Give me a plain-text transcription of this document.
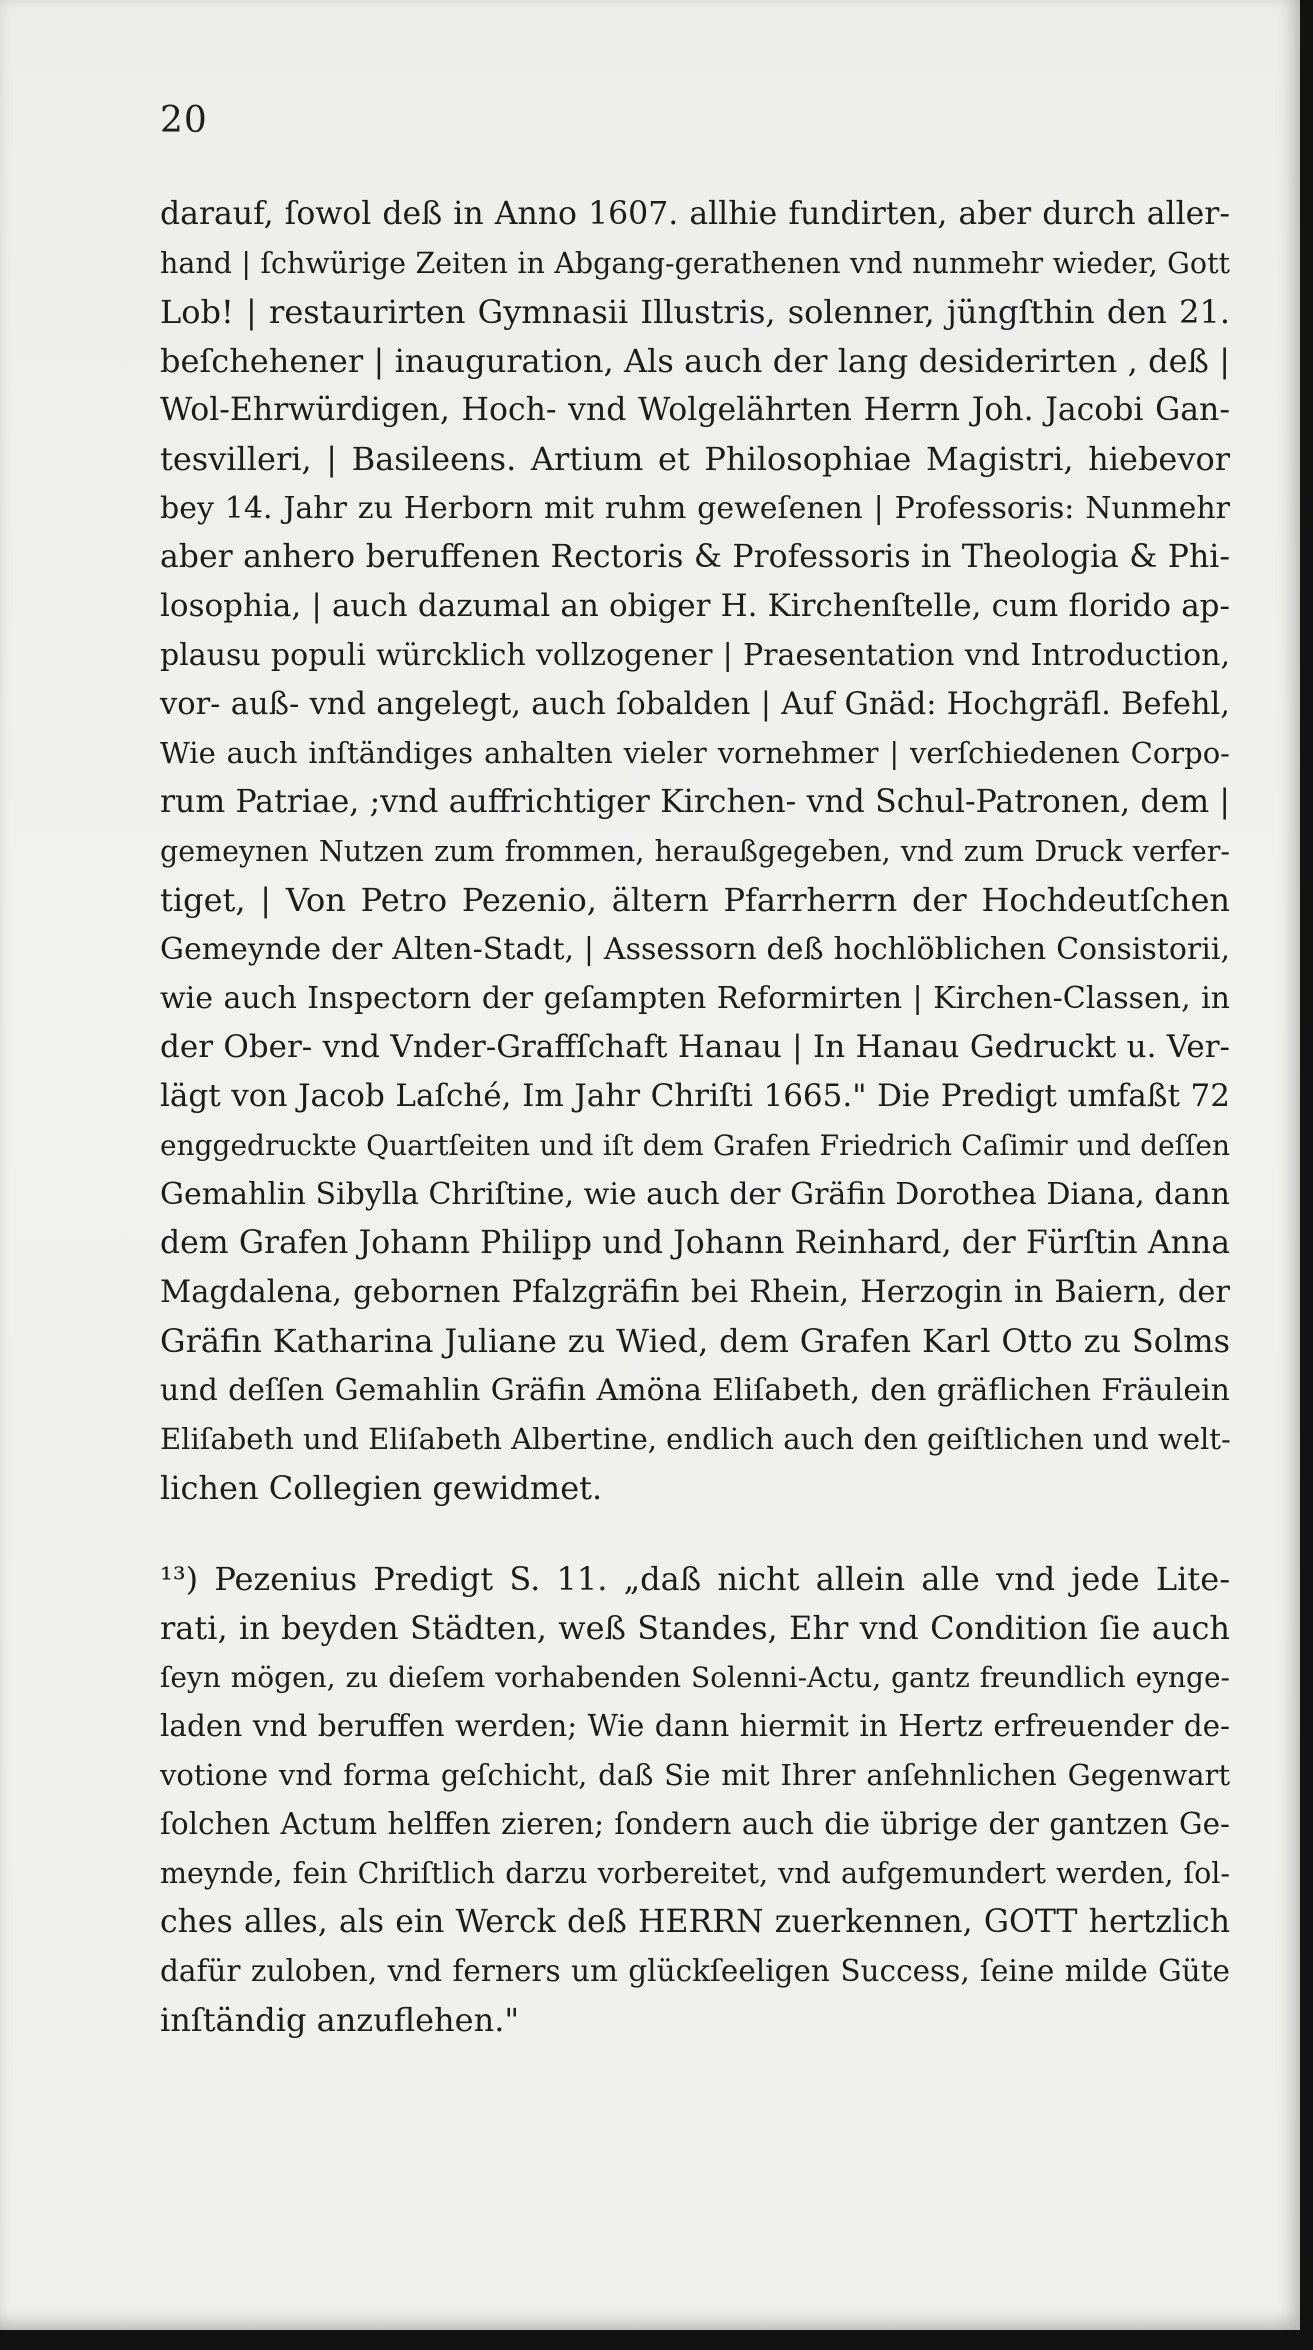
20
darauf, ſowol deß in Anno 1607. allhie fundirten, aber durch aller-
hand | ſchwürige Zeiten in Abgang-gerathenen vnd nunmehr wieder, Gott
Lob! | restaurirten Gymnasii Illustris, solenner, jüngſthin den 21.
beſchehener | inauguration, Als auch der lang desiderirten , deß |
Wol-Ehrwürdigen, Hoch- vnd Wolgelährten Herrn Joh. Jacobi Gan-
tesvilleri, | Basileens. Artium et Philosophiae Magistri, hiebevor
bey 14. Jahr zu Herborn mit ruhm geweſenen | Professoris: Nunmehr
aber anhero beruffenen Rectoris & Professoris in Theologia & Phi-
losophia, | auch dazumal an obiger H. Kirchenſtelle, cum florido ap-
plausu populi würcklich vollzogener | Praesentation vnd Introduction,
vor- auß- vnd angelegt, auch ſobalden | Auf Gnäd: Hochgräfl. Befehl,
Wie auch inſtändiges anhalten vieler vornehmer | verſchiedenen Corpo-
rum Patriae, ;vnd auffrichtiger Kirchen- vnd Schul-Patronen, dem |
gemeynen Nutzen zum frommen, heraußgegeben, vnd zum Druck verfer-
tiget, | Von Petro Pezenio, ältern Pfarrherrn der Hochdeutſchen
Gemeynde der Alten-Stadt, | Assessorn deß hochlöblichen Consistorii,
wie auch Inspectorn der geſampten Reformirten | Kirchen-Classen, in
der Ober- vnd Vnder-Graffſchaft Hanau | In Hanau Gedruckt u. Ver-
lägt von Jacob Laſché, Im Jahr Chriſti 1665." Die Predigt umfaßt 72
enggedruckte Quartſeiten und iſt dem Grafen Friedrich Caſimir und deſſen
Gemahlin Sibylla Chriſtine, wie auch der Gräfin Dorothea Diana, dann
dem Grafen Johann Philipp und Johann Reinhard, der Fürſtin Anna
Magdalena, gebornen Pfalzgräfin bei Rhein, Herzogin in Baiern, der
Gräfin Katharina Juliane zu Wied, dem Grafen Karl Otto zu Solms
und deſſen Gemahlin Gräfin Amöna Eliſabeth, den gräflichen Fräulein
Eliſabeth und Eliſabeth Albertine, endlich auch den geiſtlichen und welt-
lichen Collegien gewidmet.
¹³) Pezenius Predigt S. 11. „daß nicht allein alle vnd jede Lite-
rati, in beyden Städten, weß Standes, Ehr vnd Condition ſie auch
ſeyn mögen, zu dieſem vorhabenden Solenni-Actu, gantz freundlich eynge-
laden vnd beruffen werden; Wie dann hiermit in Hertz erfreuender de-
votione vnd forma geſchicht, daß Sie mit Ihrer anſehnlichen Gegenwart
ſolchen Actum helffen zieren; ſondern auch die übrige der gantzen Ge-
meynde, fein Chriſtlich darzu vorbereitet, vnd aufgemundert werden, ſol-
ches alles, als ein Werck deß HERRN zuerkennen, GOTT hertzlich
dafür zuloben, vnd ferners um glückſeeligen Success, ſeine milde Güte
inſtändig anzuflehen."
